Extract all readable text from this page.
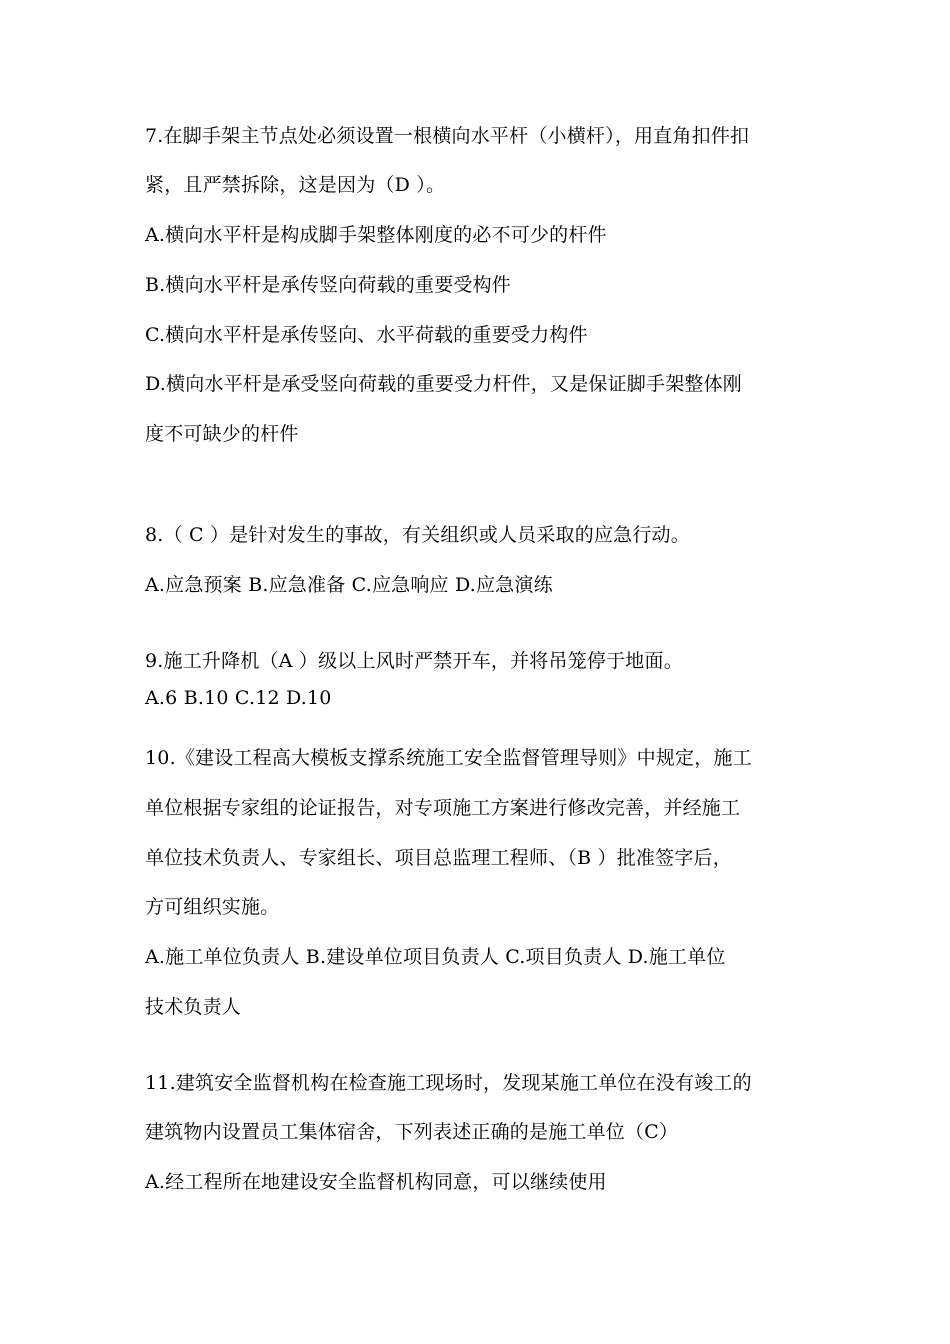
7.在脚手架主节点处必须设置一根横向水平杆（小横杆），用直角扣件扣
紧，且严禁拆除，这是因为（D ）。
A.横向水平杆是构成脚手架整体刚度的必不可少的杆件
B.横向水平杆是承传竖向荷载的重要受构件
C.横向水平杆是承传竖向、水平荷载的重要受力构件
D.横向水平杆是承受竖向荷载的重要受力杆件，又是保证脚手架整体刚
度不可缺少的杆件
8.（ C ）是针对发生的事故，有关组织或人员采取的应急行动。
A.应急预案 B.应急准备 C.应急响应 D.应急演练
9.施工升降机（A ）级以上风时严禁开车，并将吊笼停于地面。
A.6 B.10 C.12 D.10
10.《建设工程高大模板支撑系统施工安全监督管理导则》中规定，施工
单位根据专家组的论证报告，对专项施工方案进行修改完善，并经施工
单位技术负责人、专家组长、项目总监理工程师、（B ）批准签字后，
方可组织实施。
A.施工单位负责人 B.建设单位项目负责人 C.项目负责人 D.施工单位
技术负责人
11.建筑安全监督机构在检查施工现场时，发现某施工单位在没有竣工的
建筑物内设置员工集体宿舍，下列表述正确的是施工单位（C）
A.经工程所在地建设安全监督机构同意，可以继续使用
